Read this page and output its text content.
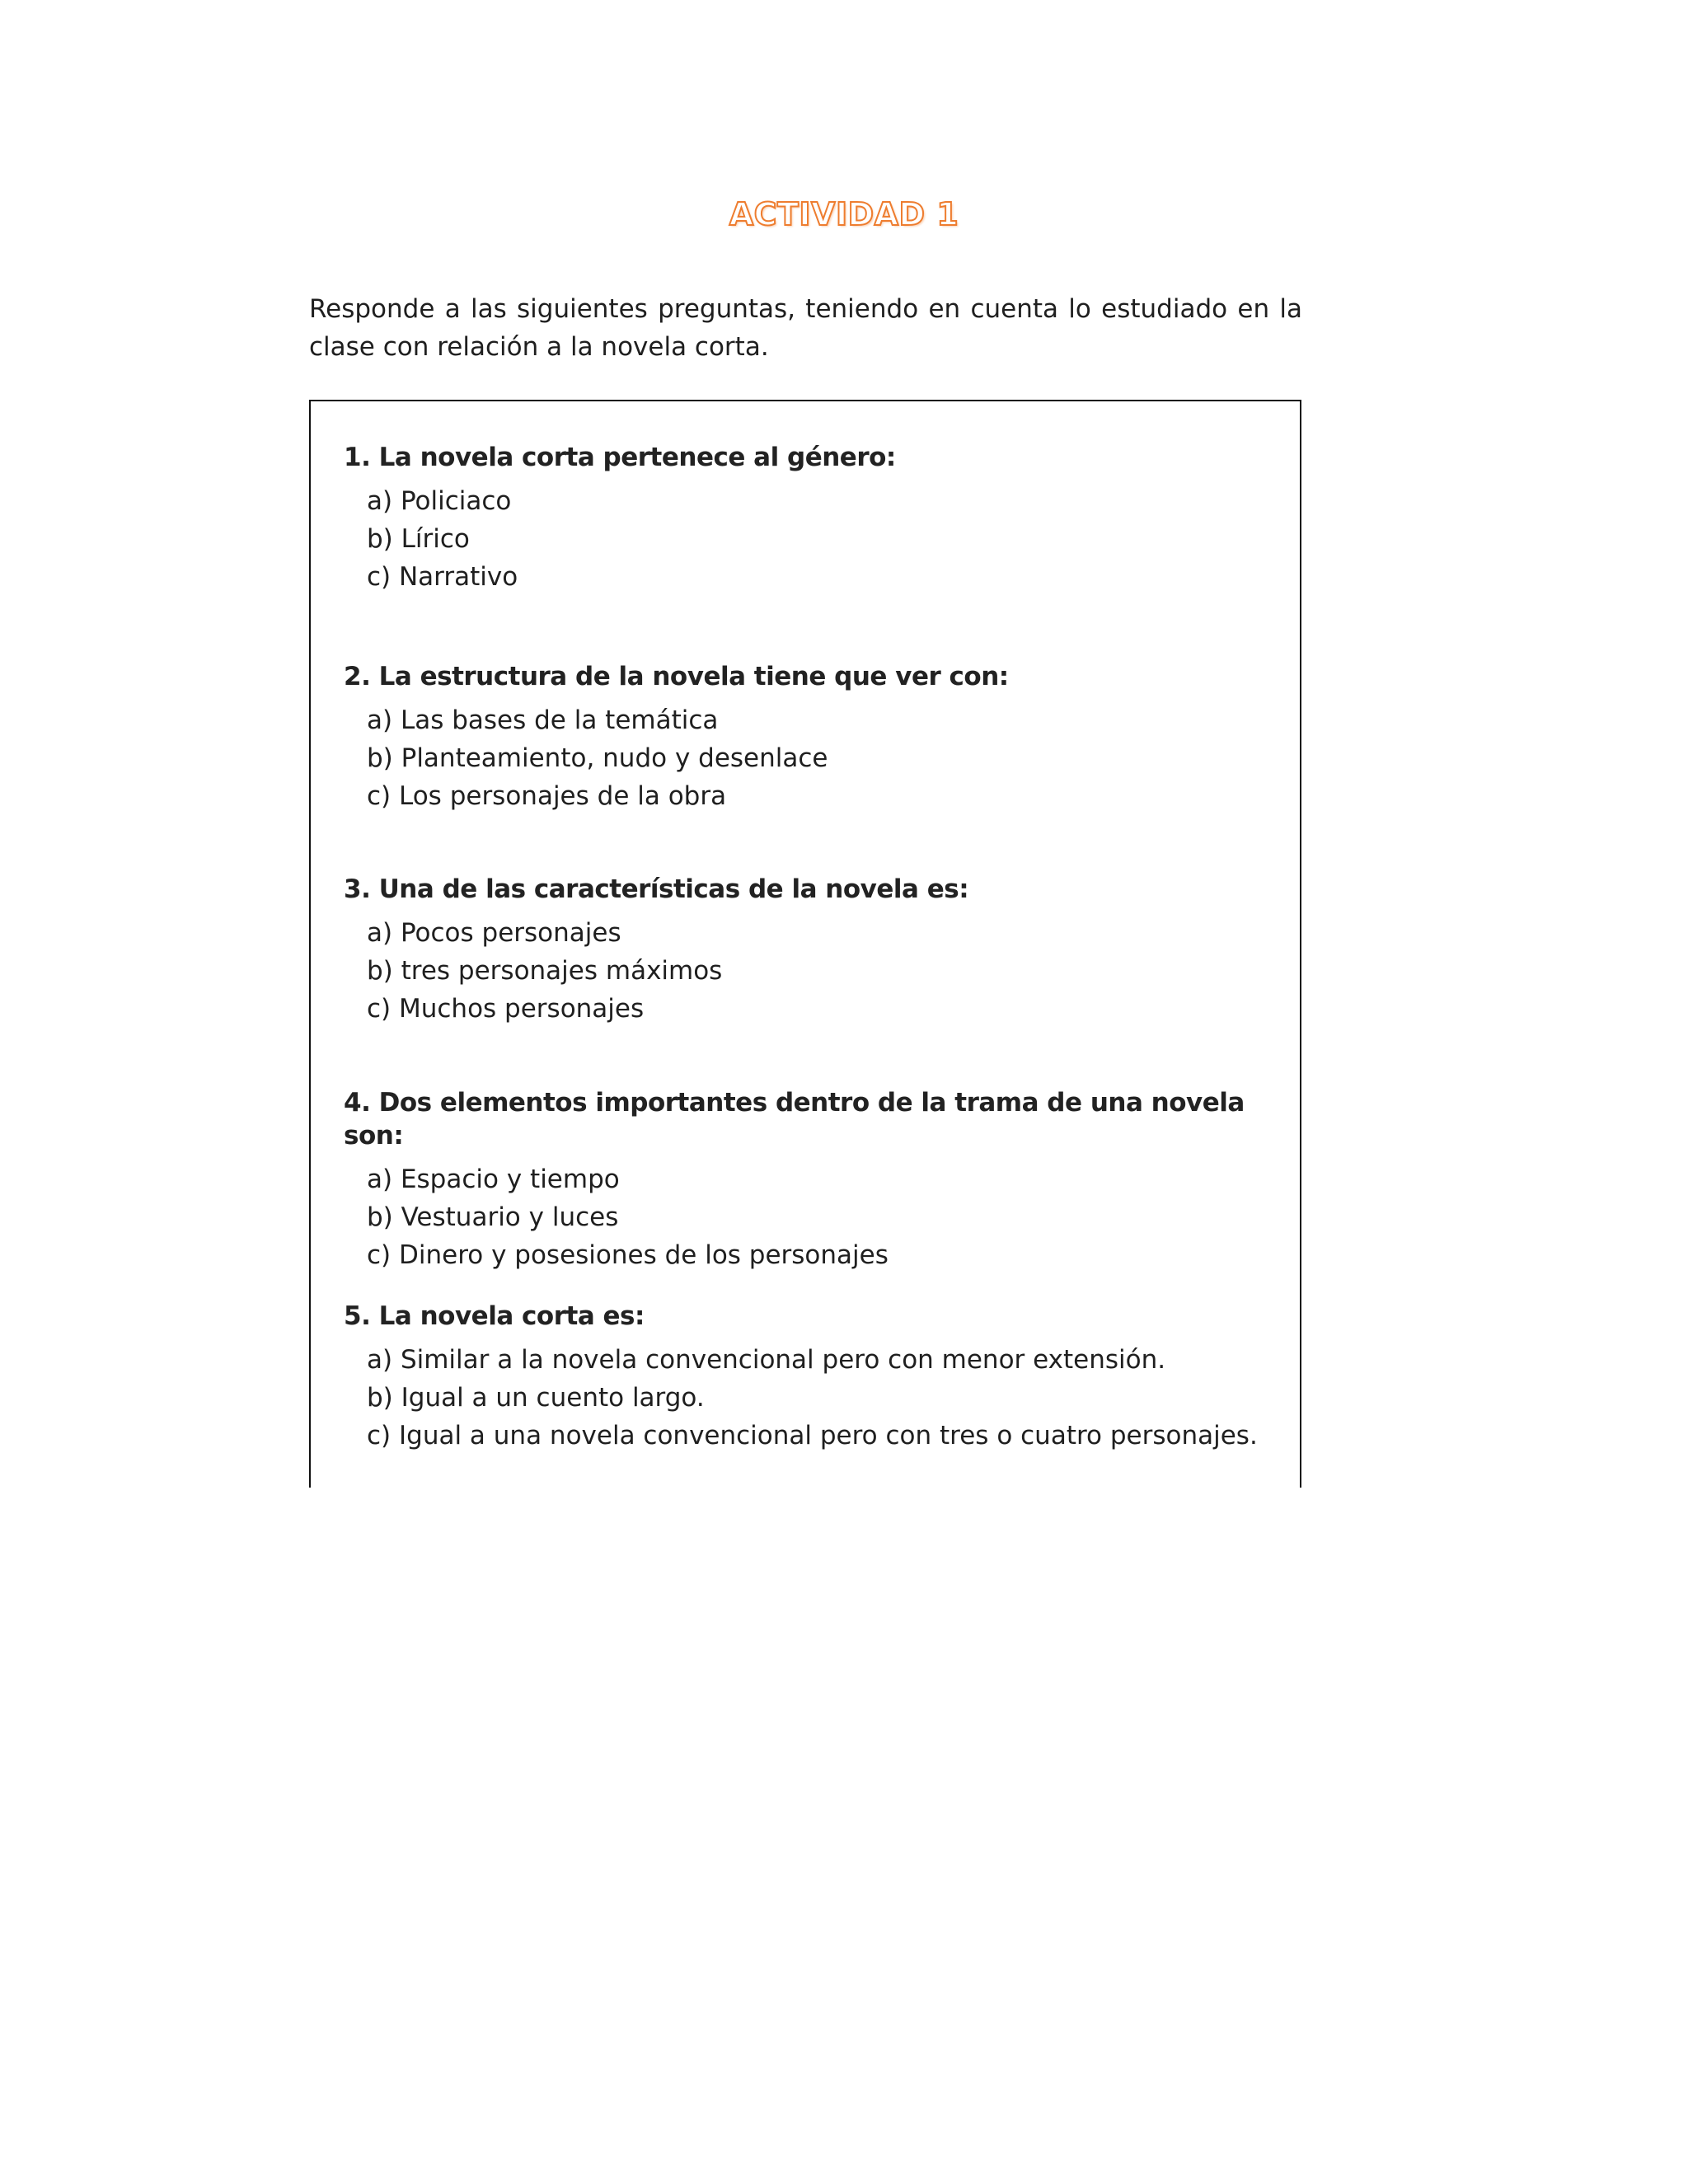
ACTIVIDAD 1
Responde a las siguientes preguntas, teniendo en cuenta lo estudiado en la clase con relación a la novela corta.
1. La novela corta pertenece al género:
a) Policiaco
b) Lírico
c) Narrativo
2. La estructura de la novela tiene que ver con:
a) Las bases de la temática
b) Planteamiento, nudo y desenlace
c) Los personajes de la obra
3. Una de las características de la novela es:
a) Pocos personajes
b) tres personajes máximos
c) Muchos personajes
4. Dos elementos importantes dentro de la trama de una novela son:
a) Espacio y tiempo
b) Vestuario y luces
c) Dinero y posesiones de los personajes
5. La novela corta es:
a) Similar a la novela convencional pero con menor extensión.
b) Igual a un cuento largo.
c) Igual a una novela convencional pero con tres o cuatro personajes.
